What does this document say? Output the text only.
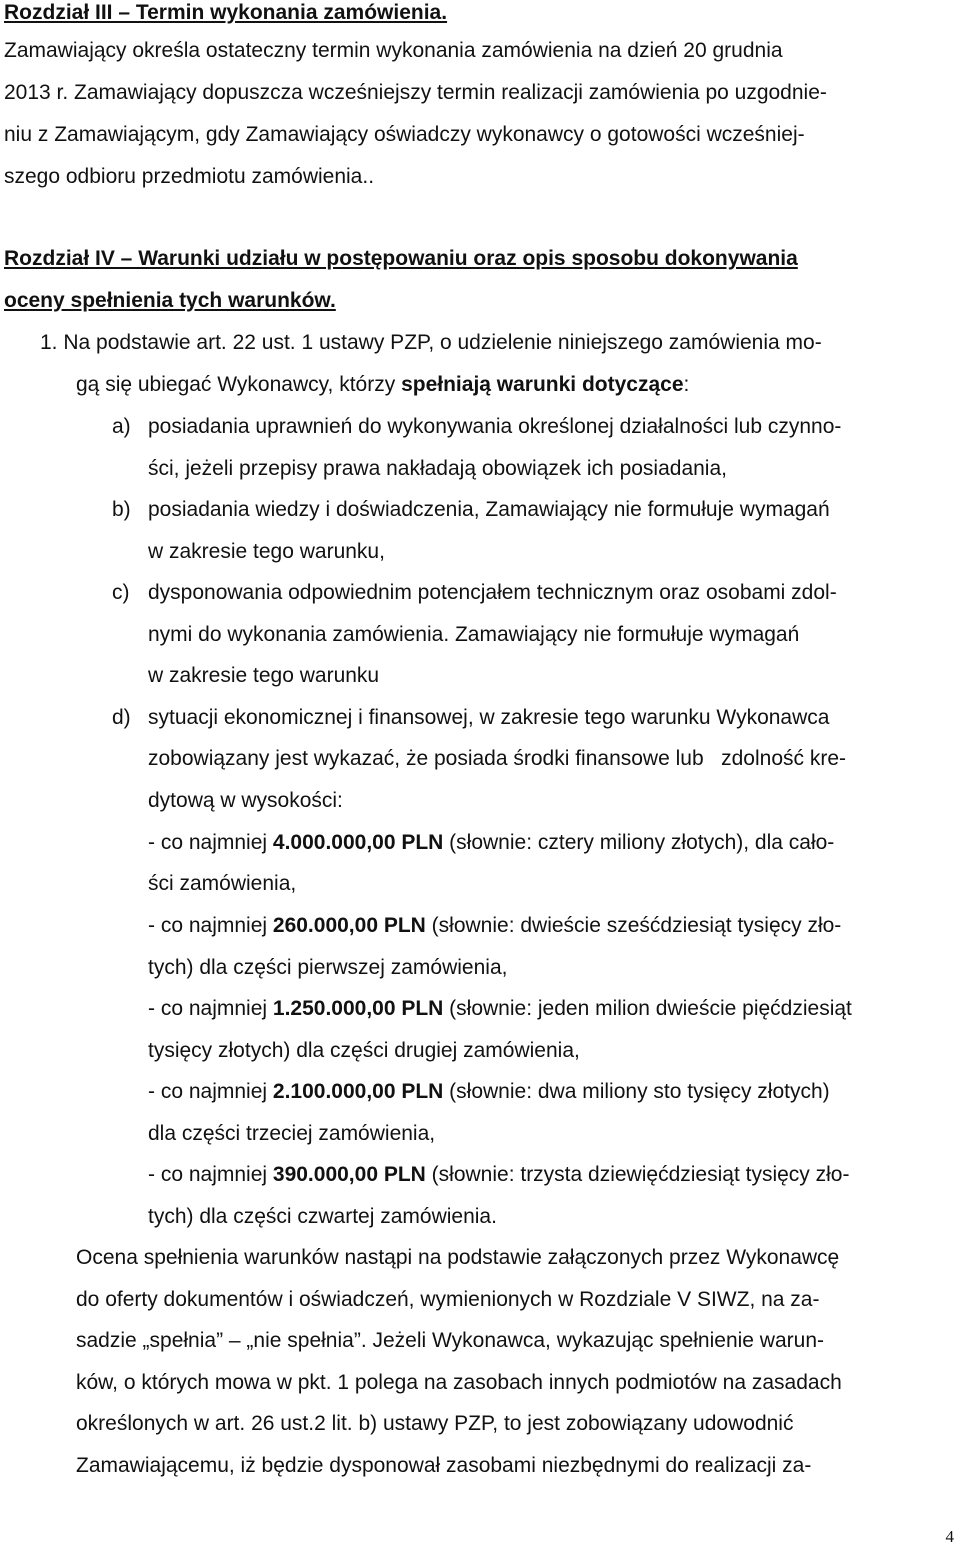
Rozdział III – Termin wykonania zamówienia.
Zamawiający określa ostateczny termin wykonania zamówienia na dzień 20 grudnia
2013 r. Zamawiający dopuszcza wcześniejszy termin realizacji zamówienia po uzgodnie-
niu z Zamawiającym, gdy Zamawiający oświadczy wykonawcy o gotowości wcześniej-
szego odbioru przedmiotu zamówienia..
Rozdział IV – Warunki udziału w postępowaniu oraz opis sposobu dokonywania
oceny spełnienia tych warunków.
1. Na podstawie art. 22 ust. 1 ustawy PZP, o udzielenie niniejszego zamówienia mo-
gą się ubiegać Wykonawcy, którzy spełniają warunki dotyczące:
a) posiadania uprawnień do wykonywania określonej działalności lub czynno-
ści, jeżeli przepisy prawa nakładają obowiązek ich posiadania,
b) posiadania wiedzy i doświadczenia, Zamawiający nie formułuje wymagań
w zakresie tego warunku,
c) dysponowania odpowiednim potencjałem technicznym oraz osobami zdol-
nymi do wykonania zamówienia. Zamawiający nie formułuje wymagań
w zakresie tego warunku
d) sytuacji ekonomicznej i finansowej, w zakresie tego warunku Wykonawca
zobowiązany jest wykazać, że posiada środki finansowe lub   zdolność kre-
dytową w wysokości:
- co najmniej 4.000.000,00 PLN (słownie: cztery miliony złotych), dla cało-
ści zamówienia,
- co najmniej 260.000,00 PLN (słownie: dwieście sześćdziesiąt tysięcy zło-
tych) dla części pierwszej zamówienia,
- co najmniej 1.250.000,00 PLN (słownie: jeden milion dwieście pięćdziesiąt
tysięcy złotych) dla części drugiej zamówienia,
- co najmniej 2.100.000,00 PLN (słownie: dwa miliony sto tysięcy złotych)
dla części trzeciej zamówienia,
- co najmniej 390.000,00 PLN (słownie: trzysta dziewięćdziesiąt tysięcy zło-
tych) dla części czwartej zamówienia.
Ocena spełnienia warunków nastąpi na podstawie załączonych przez Wykonawcę
do oferty dokumentów i oświadczeń, wymienionych w Rozdziale V SIWZ, na za-
sadzie „spełnia” – „nie spełnia”. Jeżeli Wykonawca, wykazując spełnienie warun-
ków, o których mowa w pkt. 1 polega na zasobach innych podmiotów na zasadach
określonych w art. 26 ust.2 lit. b) ustawy PZP, to jest zobowiązany udowodnić
Zamawiającemu, iż będzie dysponował zasobami niezbędnymi do realizacji za-
4
